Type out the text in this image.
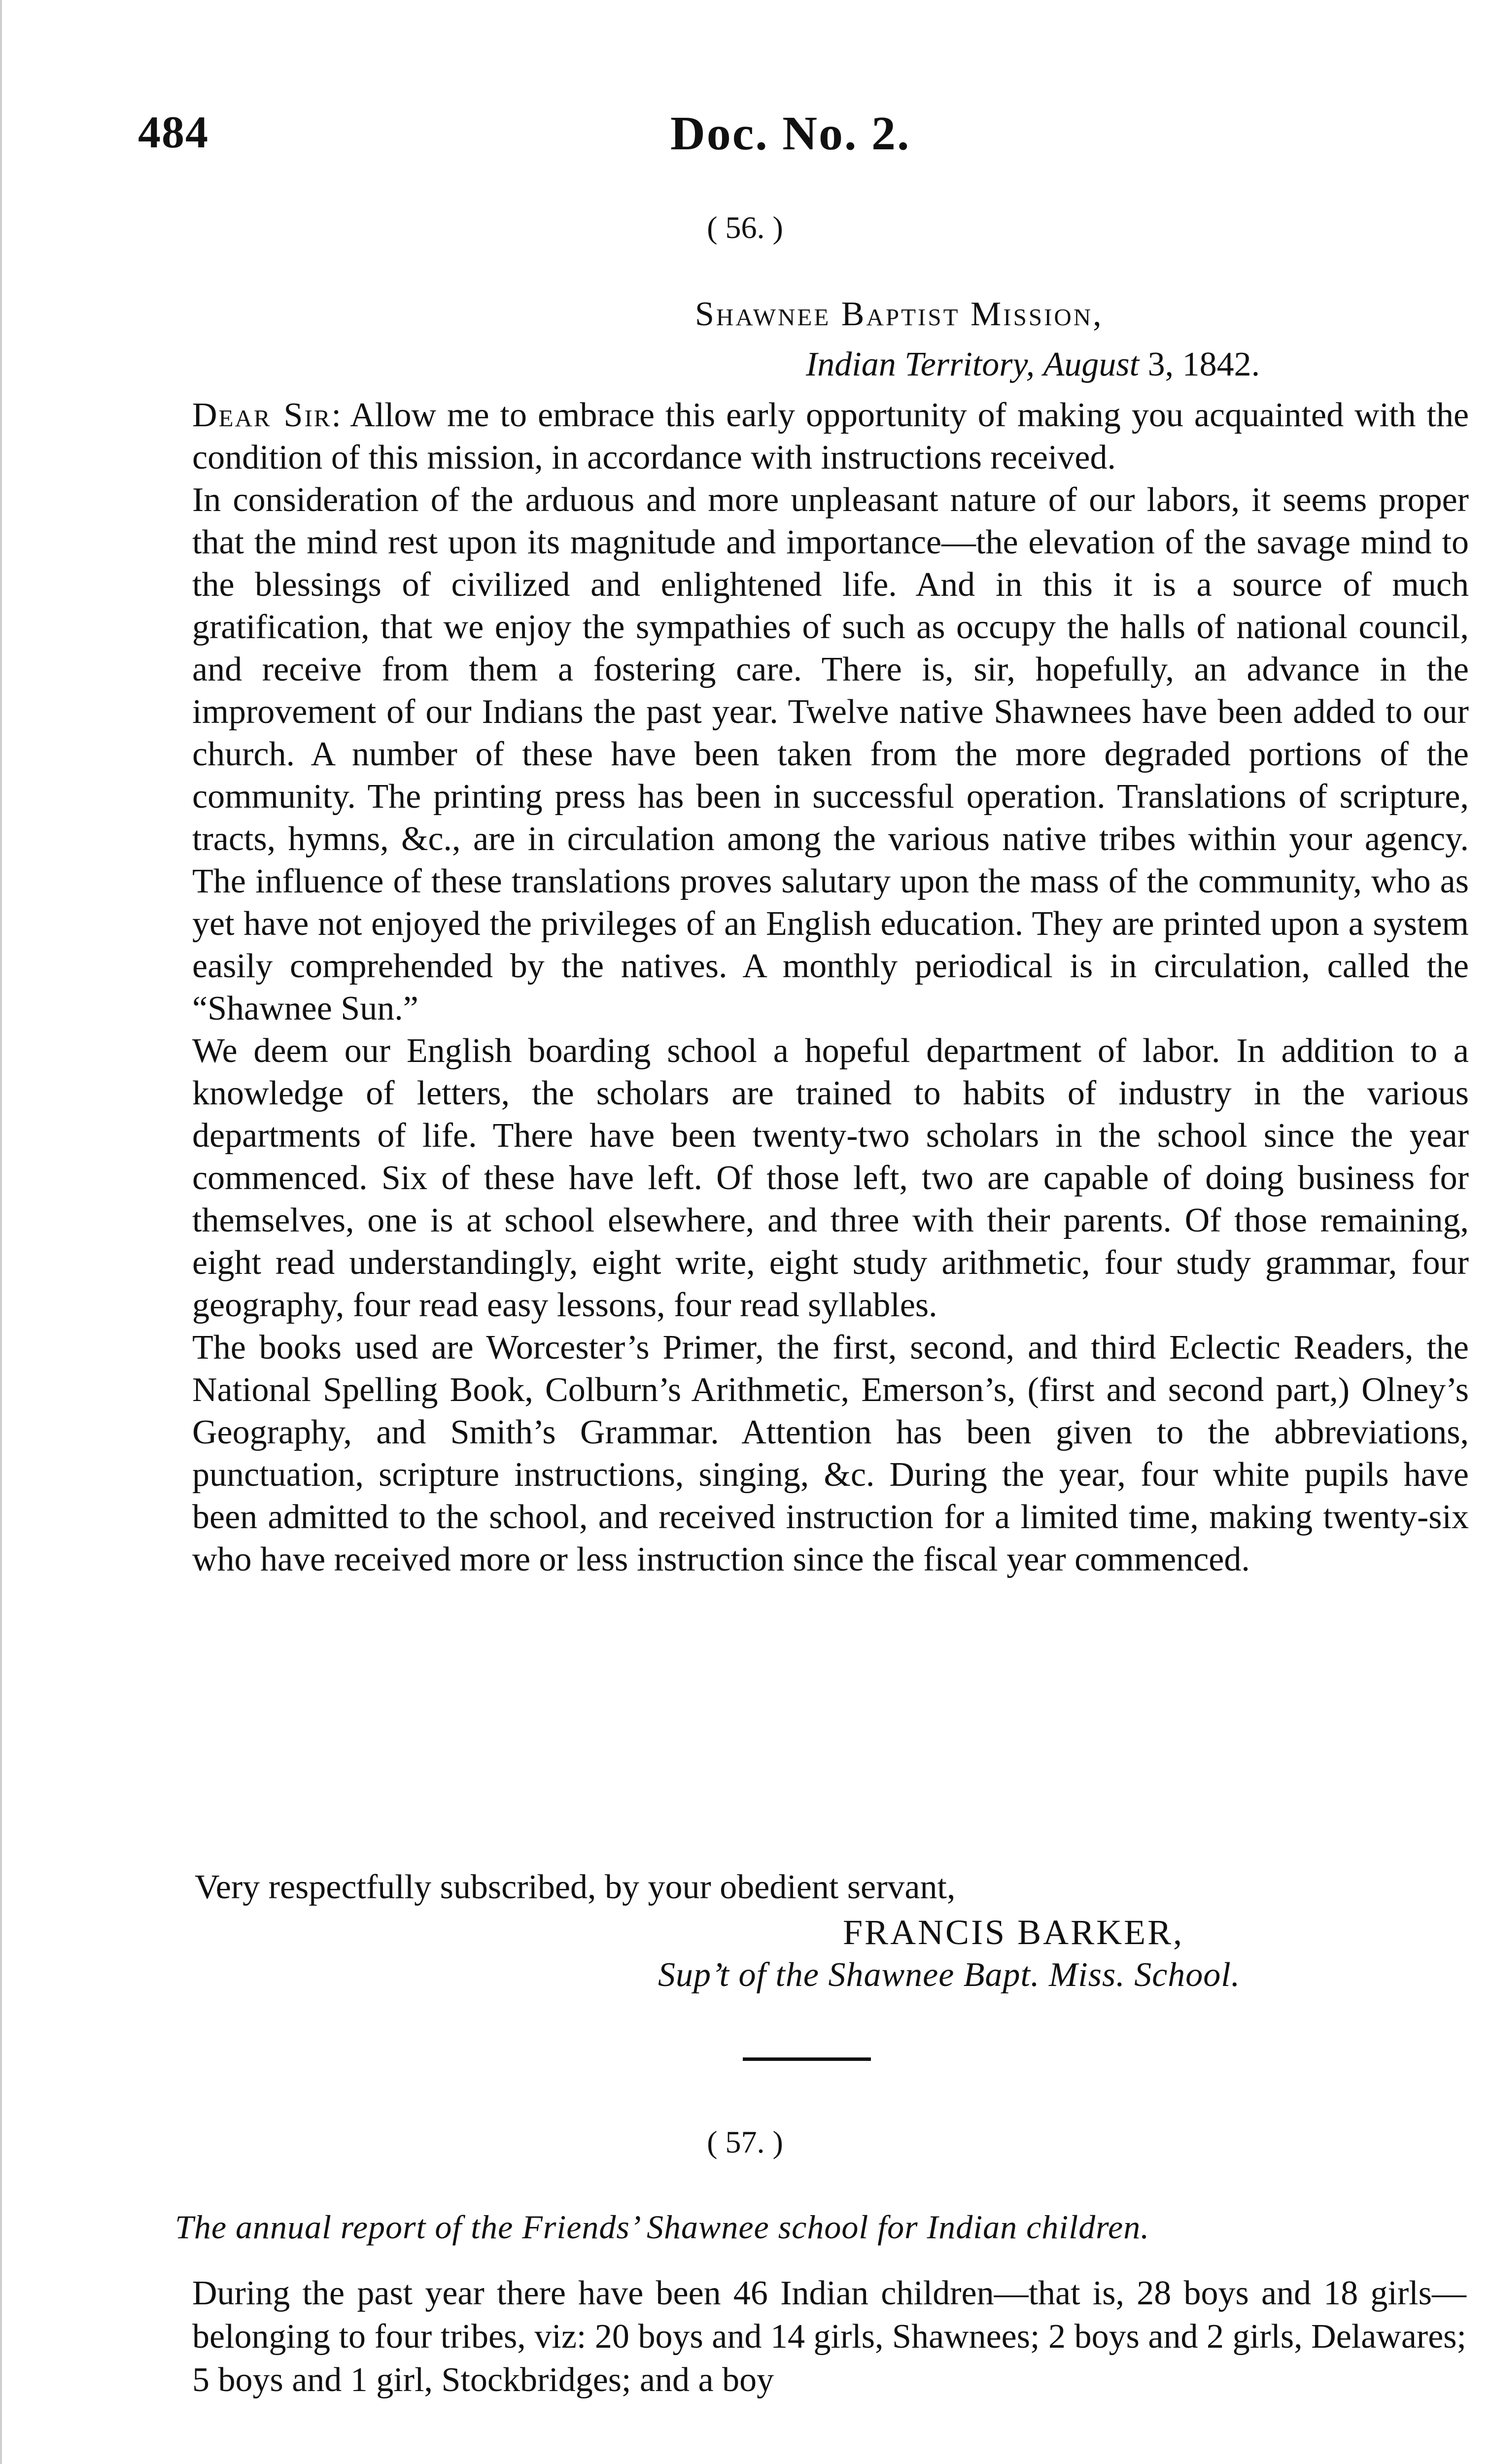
484	Doc. No. 2.
( 56. )
Shawnee Baptist Mission,
Indian Territory, August 3, 1842.

Dear Sir: Allow me to embrace this early opportunity of making you acquainted with the condition of this mission, in accordance with instructions received.

In consideration of the arduous and more unpleasant nature of our labors, it seems proper that the mind rest upon its magnitude and importance—the elevation of the savage mind to the blessings of civilized and enlightened life. And in this it is a source of much gratification, that we enjoy the sympathies of such as occupy the halls of national council, and receive from them a fostering care. There is, sir, hopefully, an advance in the improvement of our Indians the past year. Twelve native Shawnees have been added to our church. A number of these have been taken from the more degraded portions of the community. The printing press has been in successful operation. Translations of scripture, tracts, hymns, &c., are in circulation among the various native tribes within your agency. The influence of these translations proves salutary upon the mass of the community, who as yet have not enjoyed the privileges of an English education. They are printed upon a system easily comprehended by the natives. A monthly periodical is in circulation, called the “Shawnee Sun.”

We deem our English boarding school a hopeful department of labor. In addition to a knowledge of letters, the scholars are trained to habits of industry in the various departments of life. There have been twenty-two scholars in the school since the year commenced. Six of these have left. Of those left, two are capable of doing business for themselves, one is at school elsewhere, and three with their parents. Of those remaining, eight read understandingly, eight write, eight study arithmetic, four study grammar, four geography, four read easy lessons, four read syllables.

The books used are Worcester’s Primer, the first, second, and third Eclectic Readers, the National Spelling Book, Colburn’s Arithmetic, Emerson’s, (first and second part,) Olney’s Geography, and Smith’s Grammar. Attention has been given to the abbreviations, punctuation, scripture instructions, singing, &c. During the year, four white pupils have been admitted to the school, and received instruction for a limited time, making twenty-six who have received more or less instruction since the fiscal year commenced.

Very respectfully subscribed, by your obedient servant,
FRANCIS BARKER,
Sup’t of the Shawnee Bapt. Miss. School.
( 57. )
The annual report of the Friends’ Shawnee school for Indian children.

During the past year there have been 46 Indian children—that is, 28 boys and 18 girls—belonging to four tribes, viz: 20 boys and 14 girls, Shawnees; 2 boys and 2 girls, Delawares; 5 boys and 1 girl, Stockbridges; and a boy
